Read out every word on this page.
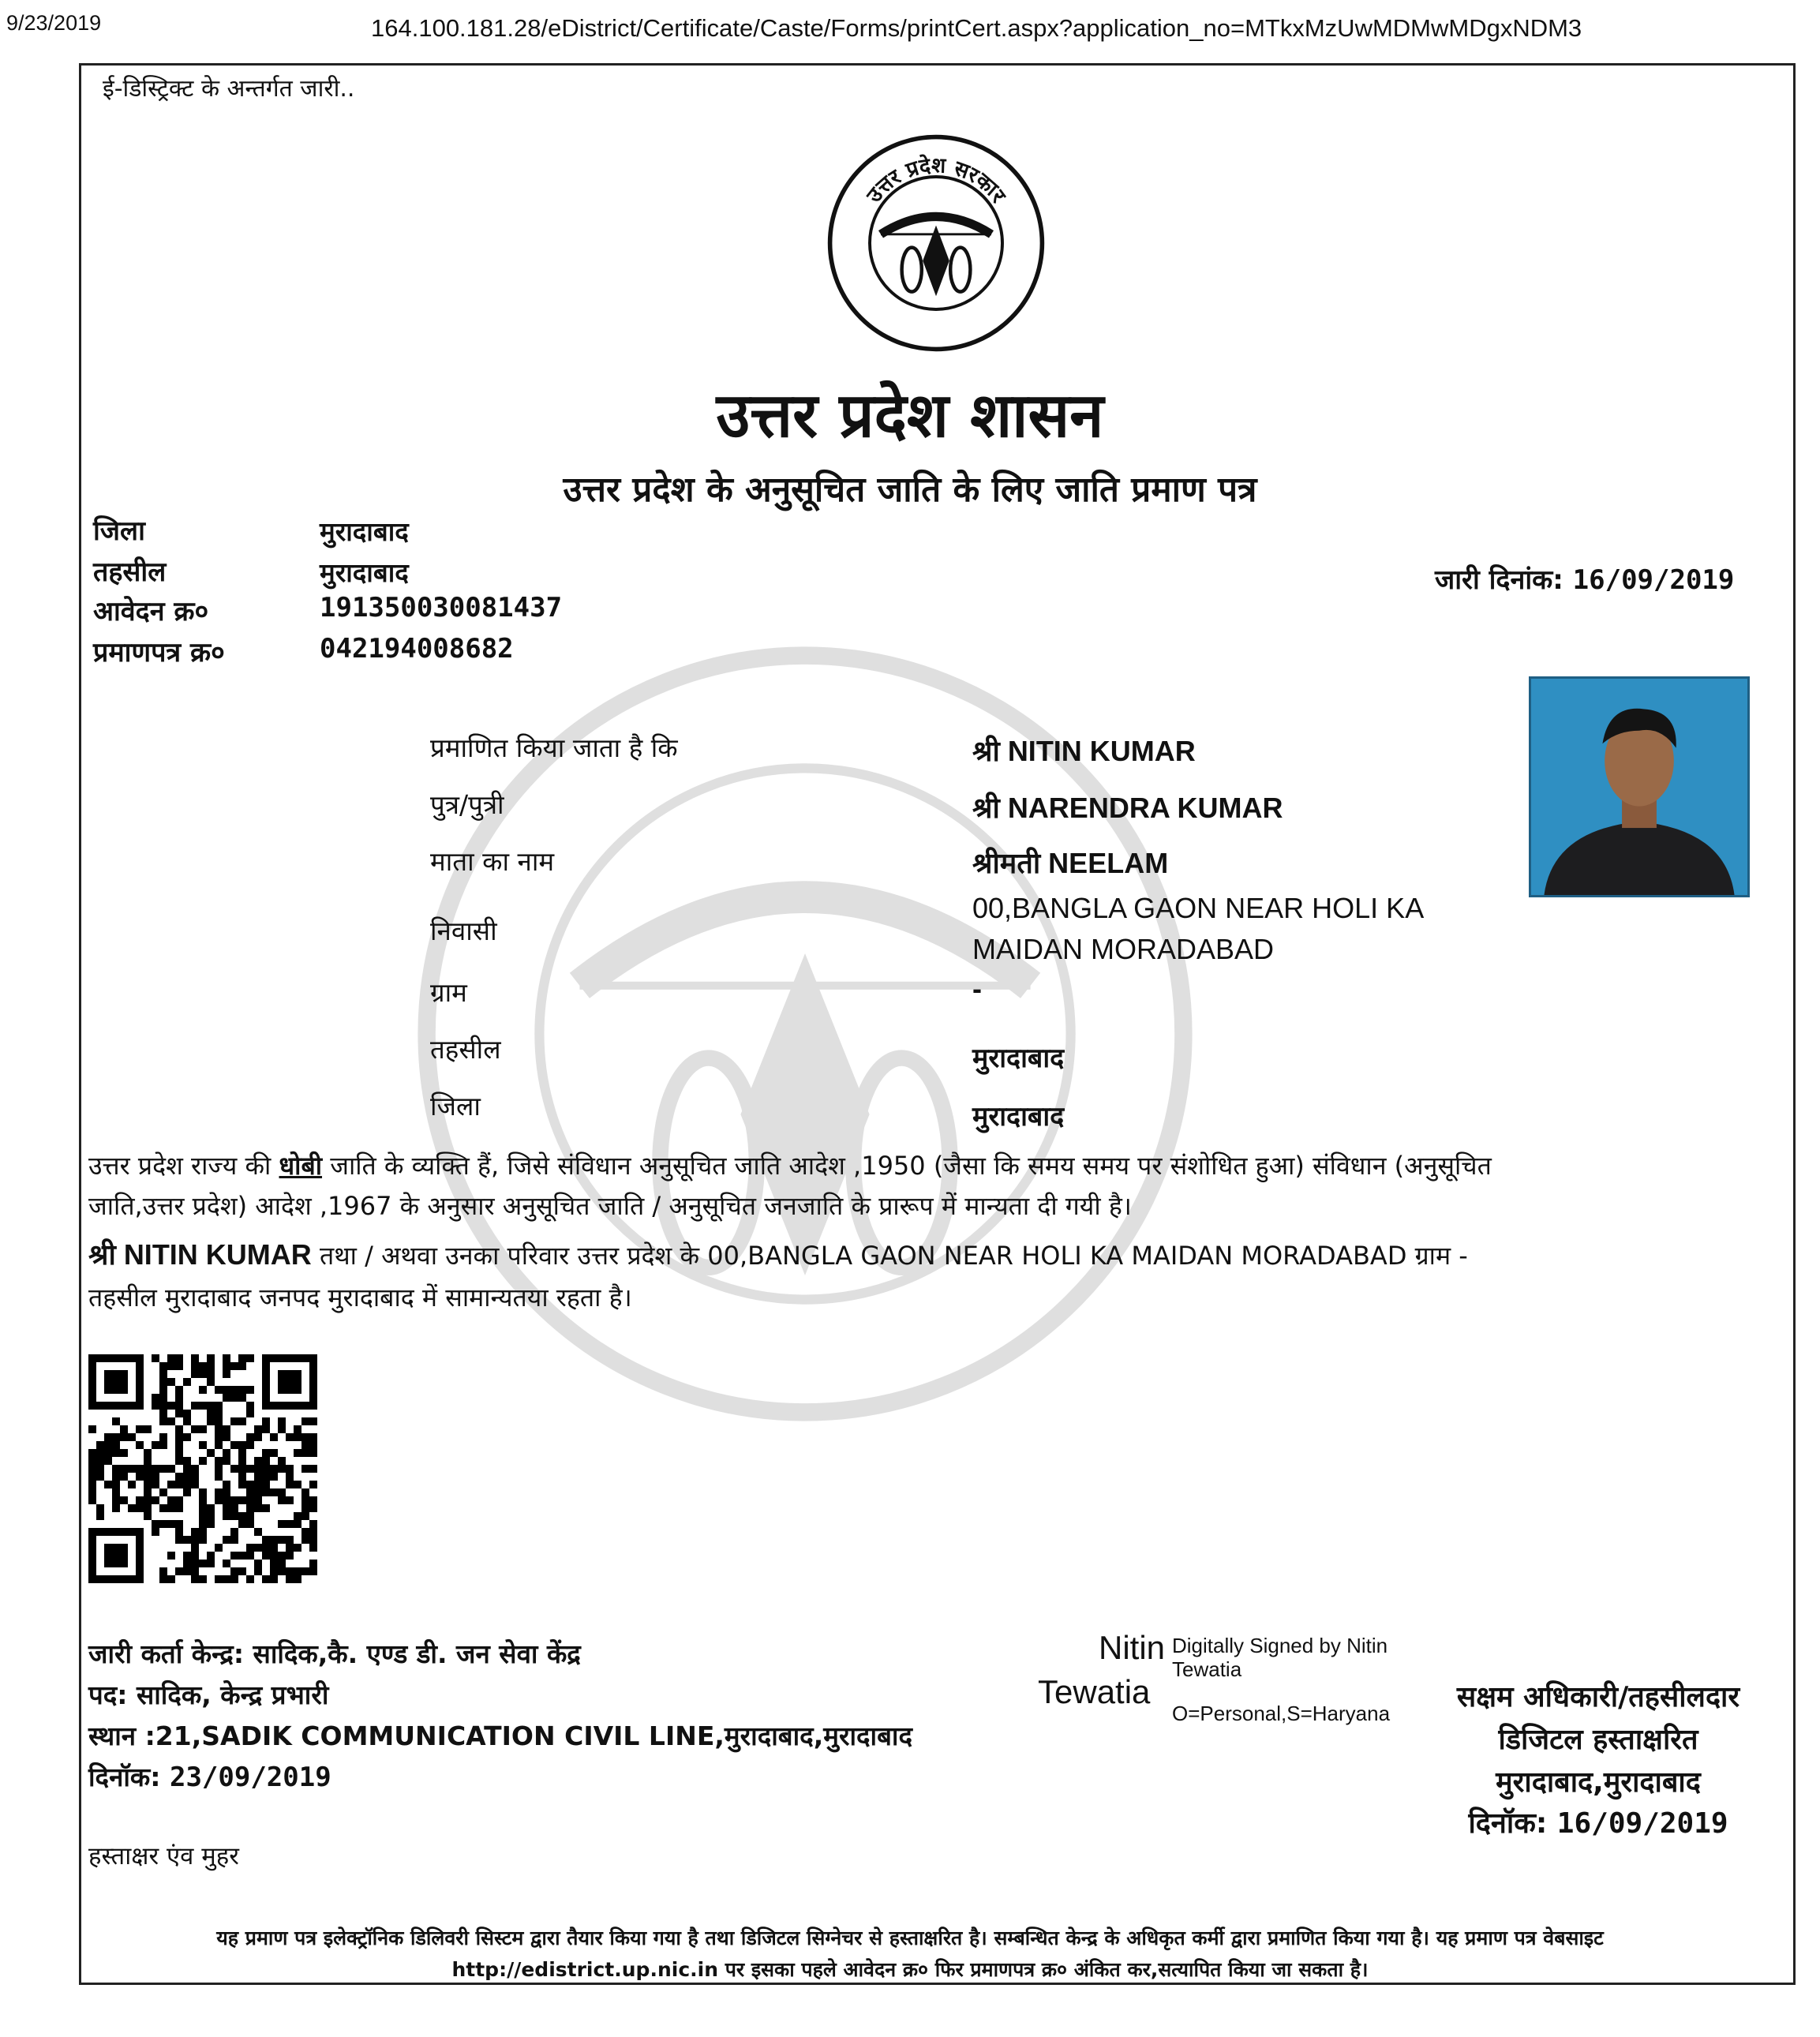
9/23/2019	164.100.181.28/eDistrict/Certificate/Caste/Forms/printCert.aspx?application_no=MTkxMzUwMDMwMDgxNDM3
ई-डिस्ट्रिक्ट के अन्तर्गत जारी..
उत्तर प्रदेश सरकार
उत्तर प्रदेश शासन
उत्तर प्रदेश के अनुसूचित जाति के लिए जाति प्रमाण पत्र
जिला	मुरादाबाद
तहसील	मुरादाबाद
आवेदन क्र०	191350030081437
प्रमाणपत्र क्र०	042194008682
जारी दिनांक: 16/09/2019
प्रमाणित किया जाता है कि	श्री NITIN KUMAR
पुत्र/पुत्री	श्री NARENDRA KUMAR
माता का नाम	श्रीमती NEELAM
निवासी
00,BANGLA GAON NEAR HOLI KA
MAIDAN MORADABAD
ग्राम	-
तहसील	मुरादाबाद
जिला	मुरादाबाद
उत्तर प्रदेश राज्य की धोबी जाति के व्यक्ति हैं, जिसे संविधान अनुसूचित जाति आदेश ,1950 (जैसा कि समय समय पर संशोधित हुआ) संविधान (अनुसूचित
जाति,उत्तर प्रदेश) आदेश ,1967 के अनुसार अनुसूचित जाति / अनुसूचित जनजाति के प्रारूप में मान्यता दी गयी है।
श्री NITIN KUMAR तथा / अथवा उनका परिवार उत्तर प्रदेश के 00,BANGLA GAON NEAR HOLI KA MAIDAN MORADABAD ग्राम -
तहसील मुरादाबाद जनपद मुरादाबाद में सामान्यतया रहता है।
जारी कर्ता केन्द्र: सादिक,कै. एण्ड डी. जन सेवा केंद्र
पद: सादिक, केन्द्र प्रभारी
स्थान :21,SADIK COMMUNICATION CIVIL LINE,मुरादाबाद,मुरादाबाद
दिनॉक: 23/09/2019
हस्ताक्षर एंव मुहर
Nitin
Tewatia
Digitally Signed by Nitin
Tewatia
O=Personal,S=Haryana	सक्षम अधिकारी/तहसीलदार
डिजिटल हस्ताक्षरित
मुरादाबाद,मुरादाबाद
दिनॉक: 16/09/2019
यह प्रमाण पत्र इलेक्ट्रॉनिक डिलिवरी सिस्टम द्वारा तैयार किया गया है तथा डिजिटल सिग्नेचर से हस्ताक्षरित है। सम्बन्धित केन्द्र के अधिकृत कर्मी द्वारा प्रमाणित किया गया है। यह प्रमाण पत्र वेबसाइट
http://edistrict.up.nic.in पर इसका पहले आवेदन क्र० फिर प्रमाणपत्र क्र० अंकित कर,सत्यापित किया जा सकता है।
